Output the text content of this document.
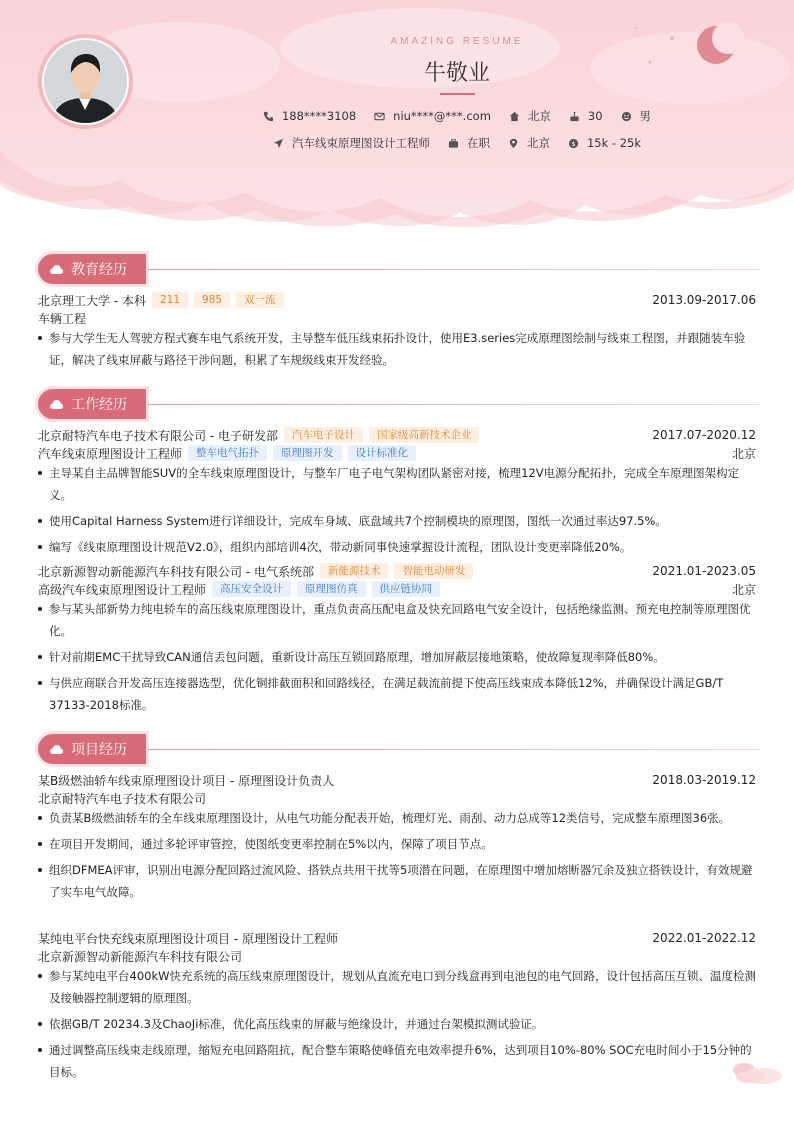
AMAZING RESUME
牛敬业
188****3108	niu****@***.com	北京	30	男
汽车线束原理图设计工程师	在职	北京	$ 15k - 25k
教育经历
北京理工大学 - 本科	211	985	双一流	2013.09-2017.06
车辆工程
参与大学生无人驾驶方程式赛车电气系统开发，主导整车低压线束拓扑设计，使用E3.series完成原理图绘制与线束工程图，并跟随装车验证，解决了线束屏蔽与路径干涉问题，积累了车规级线束开发经验。
工作经历
北京耐特汽车电子技术有限公司 - 电子研发部	汽车电子设计	国家级高新技术企业	2017.07-2020.12
汽车线束原理图设计工程师	整车电气拓扑	原理图开发	设计标准化	北京
主导某自主品牌智能SUV的全车线束原理图设计，与整车厂电子电气架构团队紧密对接，梳理12V电源分配拓扑，完成全车原理图架构定义。
使用Capital Harness System进行详细设计，完成车身域、底盘域共7个控制模块的原理图，图纸一次通过率达97.5%。
编写《线束原理图设计规范V2.0》，组织内部培训4次，带动新同事快速掌握设计流程，团队设计变更率降低20%。
北京新源智动新能源汽车科技有限公司 - 电气系统部	新能源技术	智能电动研发	2021.01-2023.05
高级汽车线束原理图设计工程师	高压安全设计	原理图仿真	供应链协同	北京
参与某头部新势力纯电轿车的高压线束原理图设计，重点负责高压配电盒及快充回路电气安全设计，包括绝缘监测、预充电控制等原理图优化。
针对前期EMC干扰导致CAN通信丢包问题，重新设计高压互锁回路原理，增加屏蔽层接地策略，使故障复现率降低80%。
与供应商联合开发高压连接器选型，优化铜排截面积和回路线径，在满足载流前提下使高压线束成本降低12%，并确保设计满足GB/T 37133-2018标准。
项目经历
某B级燃油轿车线束原理图设计项目 - 原理图设计负责人	2018.03-2019.12
北京耐特汽车电子技术有限公司
负责某B级燃油轿车的全车线束原理图设计，从电气功能分配表开始，梳理灯光、雨刮、动力总成等12类信号，完成整车原理图36张。
在项目开发期间，通过多轮评审管控，使图纸变更率控制在5%以内，保障了项目节点。
组织DFMEA评审，识别出电源分配回路过流风险、搭铁点共用干扰等5项潜在问题，在原理图中增加熔断器冗余及独立搭铁设计，有效规避了实车电气故障。
某纯电平台快充线束原理图设计项目 - 原理图设计工程师	2022.01-2022.12
北京新源智动新能源汽车科技有限公司
参与某纯电平台400kW快充系统的高压线束原理图设计，规划从直流充电口到分线盒再到电池包的电气回路，设计包括高压互锁、温度检测及接触器控制逻辑的原理图。
依据GB/T 20234.3及ChaoJi标准，优化高压线束的屏蔽与绝缘设计，并通过台架模拟测试验证。
通过调整高压线束走线原理，缩短充电回路阻抗，配合整车策略使峰值充电效率提升6%，达到项目10%-80% SOC充电时间小于15分钟的目标。
